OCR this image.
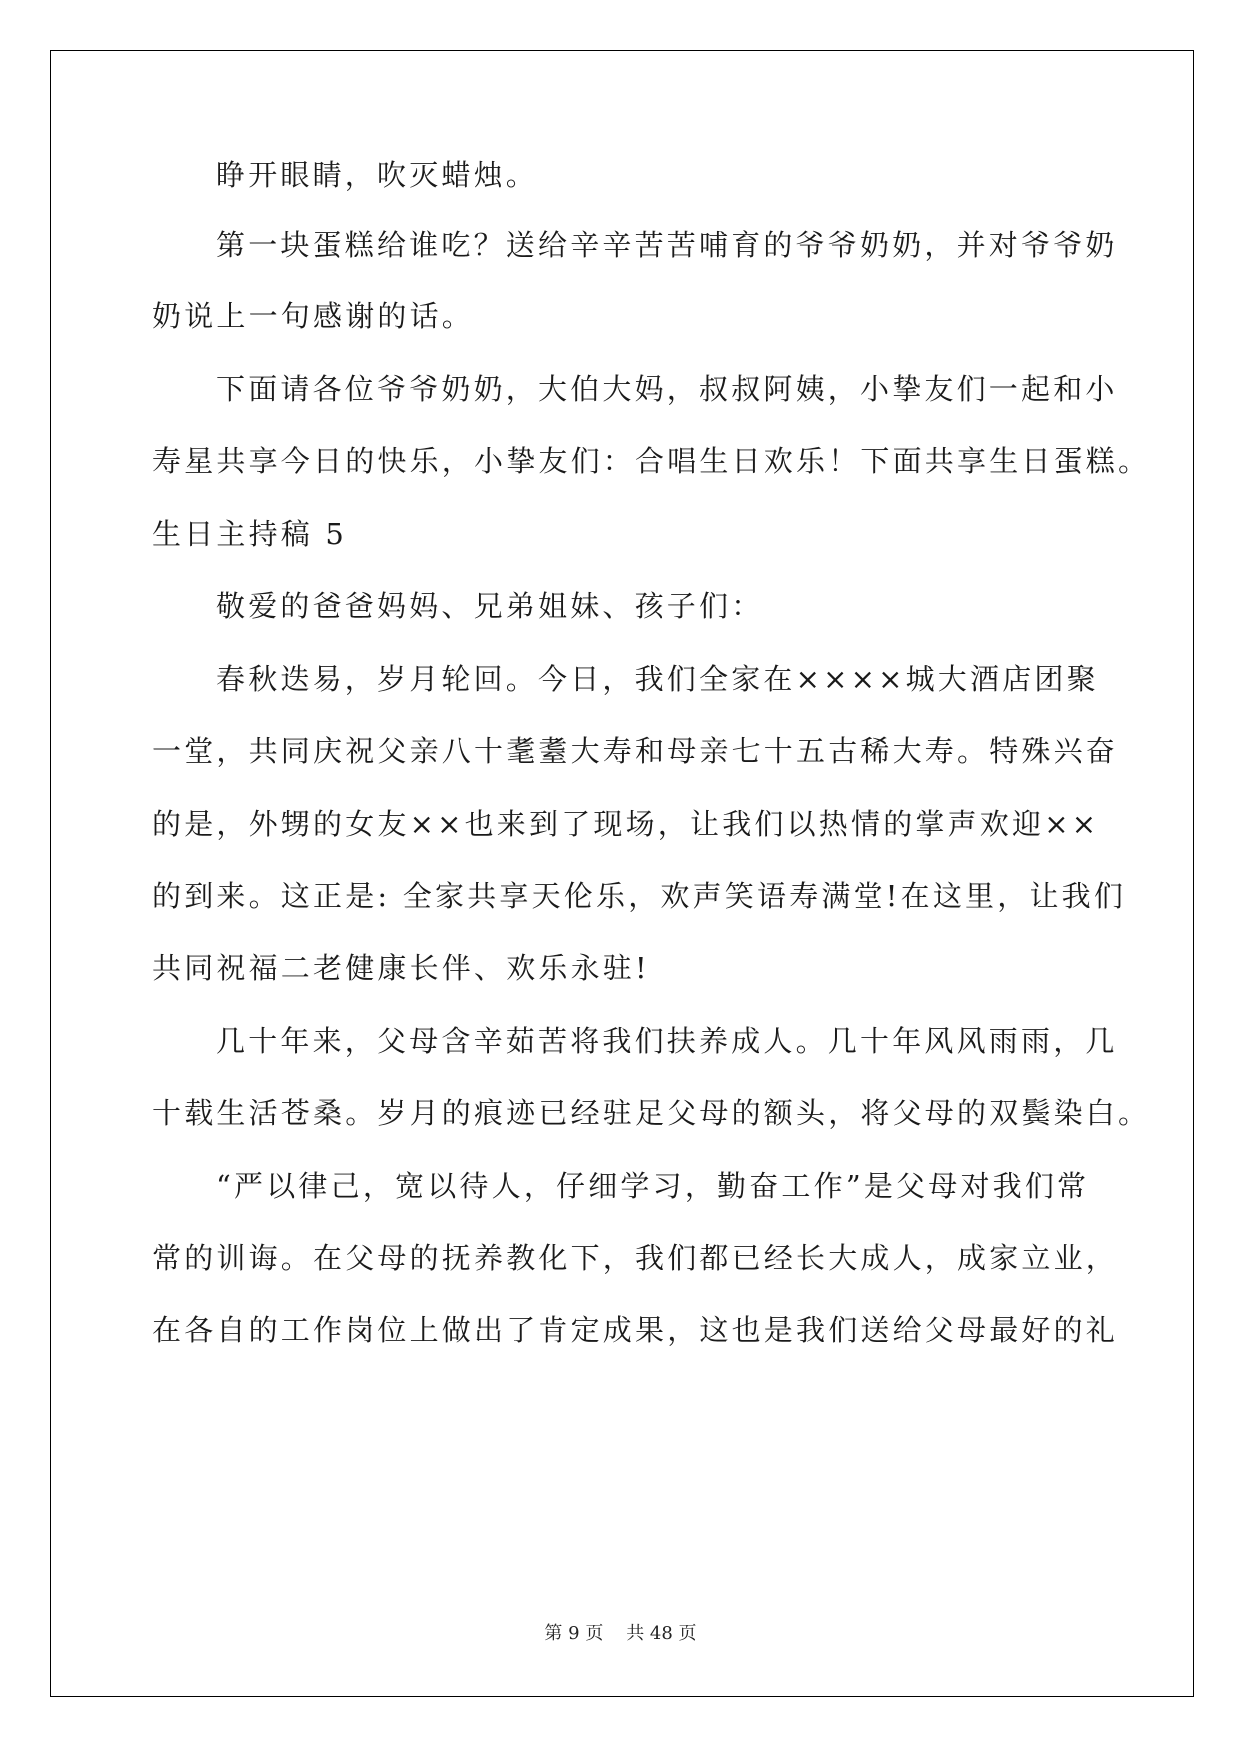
睁开眼睛，吹灭蜡烛。
第一块蛋糕给谁吃？送给辛辛苦苦哺育的爷爷奶奶，并对爷爷奶
奶说上一句感谢的话。
下面请各位爷爷奶奶，大伯大妈，叔叔阿姨，小挚友们一起和小
寿星共享今日的快乐，小挚友们：合唱生日欢乐！下面共享生日蛋糕。
生日主持稿 5
敬爱的爸爸妈妈、兄弟姐妹、孩子们：
春秋迭易，岁月轮回。今日，我们全家在××××城大酒店团聚
一堂，共同庆祝父亲八十耄耋大寿和母亲七十五古稀大寿。特殊兴奋
的是，外甥的女友××也来到了现场，让我们以热情的掌声欢迎××
的到来。这正是: 全家共享天伦乐，欢声笑语寿满堂!在这里，让我们
共同祝福二老健康长伴、欢乐永驻!
几十年来，父母含辛茹苦将我们扶养成人。几十年风风雨雨，几
十载生活苍桑。岁月的痕迹已经驻足父母的额头，将父母的双鬓染白。
“严以律己，宽以待人，仔细学习，勤奋工作”是父母对我们常
常的训诲。在父母的抚养教化下，我们都已经长大成人，成家立业，
在各自的工作岗位上做出了肯定成果，这也是我们送给父母最好的礼
第 9 页    共 48 页
